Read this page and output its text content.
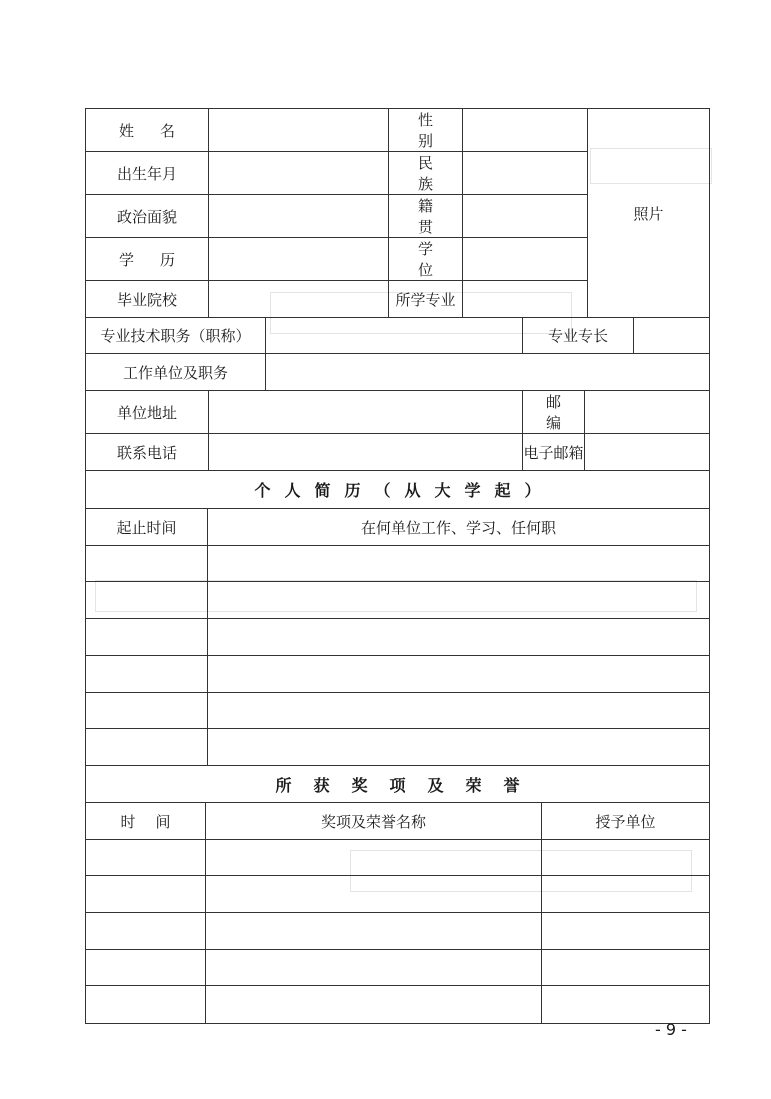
姓名			性别				照片	
出生年月			民族					
政治面貌			籍贯					
学历			学位					
毕业院校			所学专业					
专业技术职务（职称）					专业专长			
工作单位及职务								
单位地址					邮编			
联系电话					电子邮箱			
个人简历（从大学起）	
起止时间	在何单位工作、学习、任何职

所获奖项及荣誉		
时间	奖项及荣誉名称	授予单位

- 9 -
